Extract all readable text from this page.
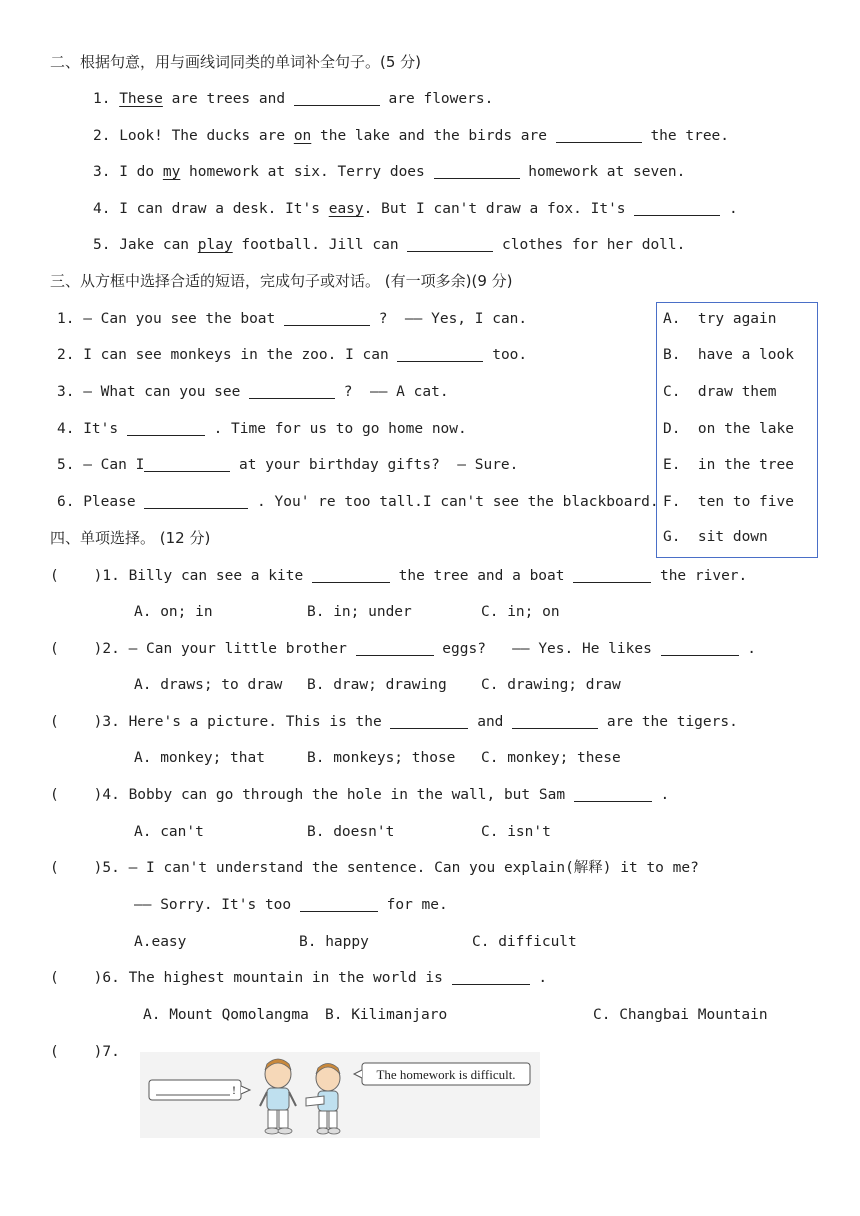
二、根据句意，用与画线词同类的单词补全句子。(5 分)
1. These are trees and	are flowers.
2. Look! The ducks are on the lake and the birds are	the tree.
3. I do my homework at six. Terry does	homework at seven.
4. I can draw a desk. It's easy. But I can't draw a fox. It's	.
5. Jake can play football. Jill can	clothes for her doll.
三、从方框中选择合适的短语，完成句子或对话。 (有一项多余)(9 分)
1. — Can you see the boat	?  —— Yes, I can.
2. I can see monkeys in the zoo. I can	too.
3. — What can you see	?  —— A cat.
4. It's	. Time for us to go home now.
5. — Can I	at your birthday gifts?  — Sure.
6. Please	. You' re too tall.I can't see the blackboard.
A.  try again
B.  have a look
C.  draw them
D.  on the lake
E.  in the tree
F.  ten to five
G.  sit down
四、单项选择。 (12 分)
(    )1. Billy can see a kite	the tree and a boat	the river.
A. on; in	B. in; under	C. in; on
(    )2. — Can your little brother	eggs?   —— Yes. He likes	.
A. draws; to draw B. draw; drawing C. drawing; draw
(    )3. Here's a picture. This is the	and	are the tigers.
A. monkey; that	B. monkeys; those C. monkey; these
(    )4. Bobby can go through the hole in the wall, but Sam	.
A. can't	B. doesn't	C. isn't
(    )5. — I can't understand the sentence. Can you explain(解释) it to me?
—— Sorry. It's too	for me.
A.easy	B. happy	C. difficult
(    )6. The highest mountain in the world is	.
A. Mount Qomolangma B. Kilimanjaro	C. Changbai Mountain
(    )7.
The homework is difficult.
!
